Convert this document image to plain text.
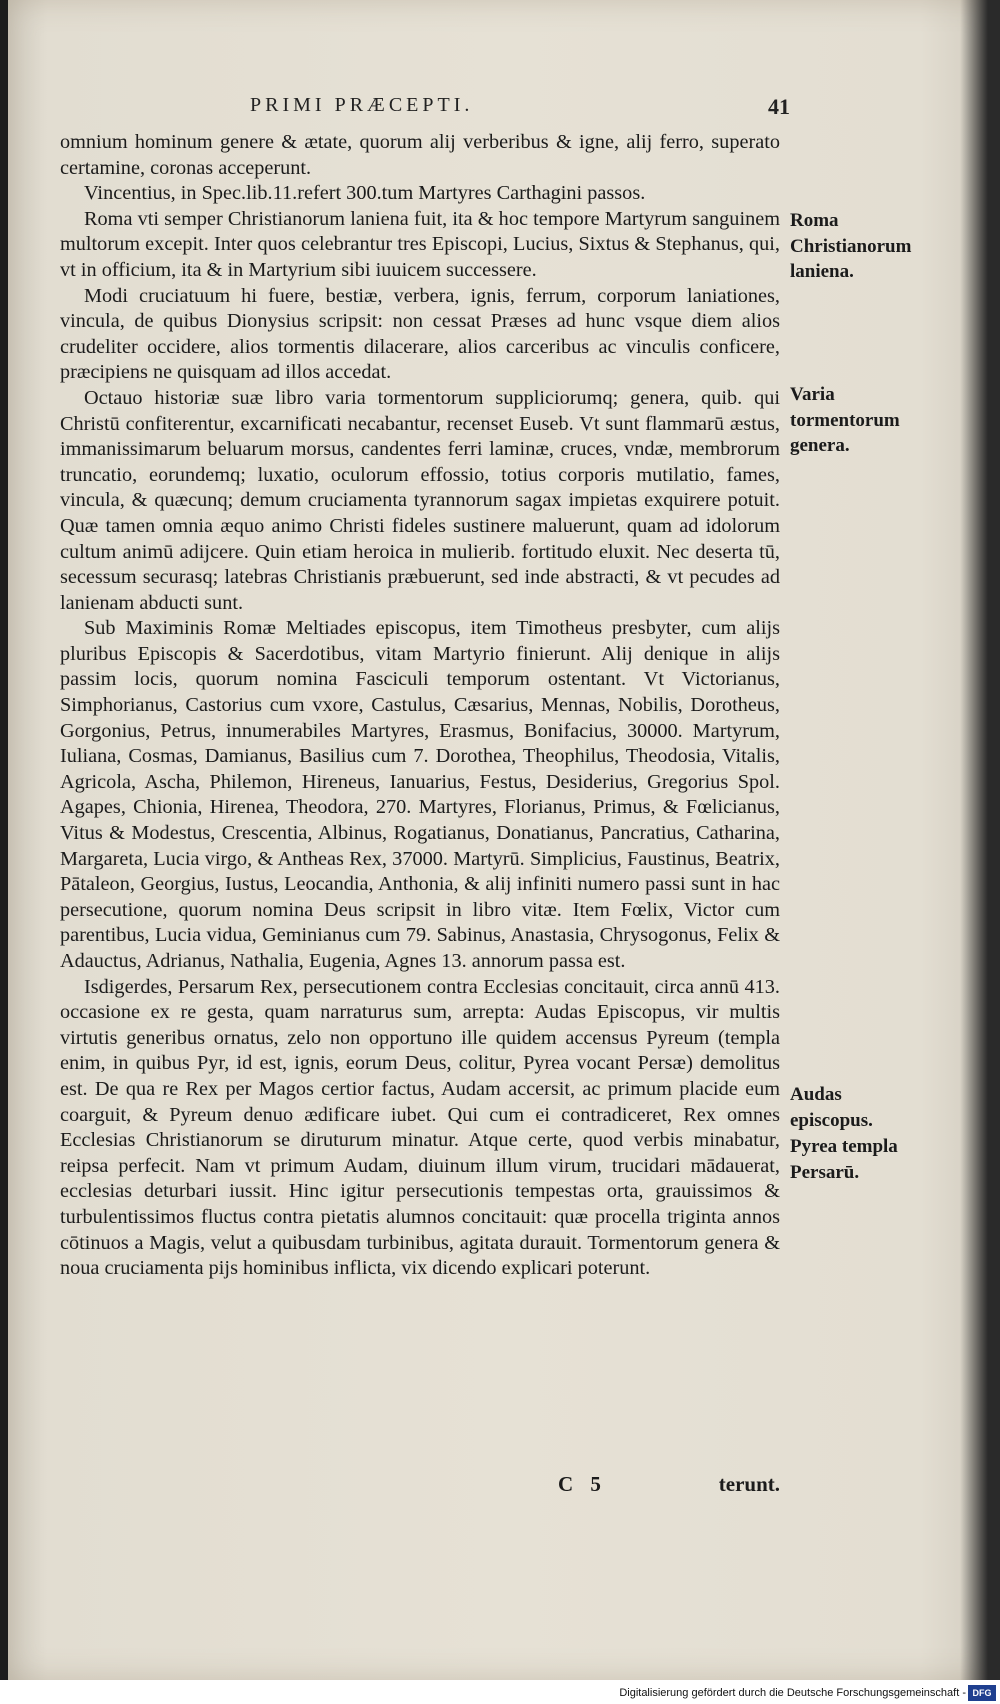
PRIMI PRÆCEPTI.	41

omnium hominum genere & ætate, quorum alij verberibus & igne, alij ferro, superato certamine, coronas acceperunt.

Vincentius, in Spec.lib.11.refert 300.tum Martyres Carthagini passos.

Roma vti semper Christianorum laniena fuit, ita & hoc tempore Martyrum sanguinem multorum excepit. Inter quos celebrantur tres Episcopi, Lucius, Sixtus & Stephanus, qui, vt in officium, ita & in Martyrium sibi iuuicem successere.

Modi cruciatuum hi fuere, bestiæ, verbera, ignis, ferrum, corporum laniationes, vincula, de quibus Dionysius scripsit: non cessat Præses ad hunc vsque diem alios crudeliter occidere, alios tormentis dilacerare, alios carceribus ac vinculis conficere, præcipiens ne quisquam ad illos accedat.

Octauo historiæ suæ libro varia tormentorum suppliciorumq; genera, quib. qui Christū confiterentur, excarnificati necabantur, recenset Euseb. Vt sunt flammarū æstus, immanissimarum beluarum morsus, candentes ferri laminæ, cruces, vndæ, membrorum truncatio, eorundemq; luxatio, oculorum effossio, totius corporis mutilatio, fames, vincula, & quæcunq; demum cruciamenta tyrannorum sagax impietas exquirere potuit. Quæ tamen omnia æquo animo Christi fideles sustinere maluerunt, quam ad idolorum cultum animū adijcere. Quin etiam heroica in mulierib. fortitudo eluxit. Nec deserta tū, secessum securasq; latebras Christianis præbuerunt, sed inde abstracti, & vt pecudes ad lanienam abducti sunt.

Sub Maximinis Romæ Meltiades episcopus, item Timotheus presbyter, cum alijs pluribus Episcopis & Sacerdotibus, vitam Martyrio finierunt. Alij denique in alijs passim locis, quorum nomina Fasciculi temporum ostentant. Vt Victorianus, Simphorianus, Castorius cum vxore, Castulus, Cæsarius, Mennas, Nobilis, Dorotheus, Gorgonius, Petrus, innumerabiles Martyres, Erasmus, Bonifacius, 30000. Martyrum, Iuliana, Cosmas, Damianus, Basilius cum 7. Dorothea, Theophilus, Theodosia, Vitalis, Agricola, Ascha, Philemon, Hireneus, Ianuarius, Festus, Desiderius, Gregorius Spol. Agapes, Chionia, Hirenea, Theodora, 270. Martyres, Florianus, Primus, & Fœlicianus, Vitus & Modestus, Crescentia, Albinus, Rogatianus, Donatianus, Pancratius, Catharina, Margareta, Lucia virgo, & Antheas Rex, 37000. Martyrū. Simplicius, Faustinus, Beatrix, Pātaleon, Georgius, Iustus, Leocandia, Anthonia, & alij infiniti numero passi sunt in hac persecutione, quorum nomina Deus scripsit in libro vitæ. Item Fœlix, Victor cum parentibus, Lucia vidua, Geminianus cum 79. Sabinus, Anastasia, Chrysogonus, Felix & Adauctus, Adrianus, Nathalia, Eugenia, Agnes 13. annorum passa est.

Isdigerdes, Persarum Rex, persecutionem contra Ecclesias concitauit, circa annū 413. occasione ex re gesta, quam narraturus sum, arrepta: Audas Episcopus, vir multis virtutis generibus ornatus, zelo non opportuno ille quidem accensus Pyreum (templa enim, in quibus Pyr, id est, ignis, eorum Deus, colitur, Pyrea vocant Persæ) demolitus est. De qua re Rex per Magos certior factus, Audam accersit, ac primum placide eum coarguit, & Pyreum denuo ædificare iubet. Qui cum ei contradiceret, Rex omnes Ecclesias Christianorum se diruturum minatur. Atque certe, quod verbis minabatur, reipsa perfecit. Nam vt primum Audam, diuinum illum virum, trucidari mādauerat, ecclesias deturbari iussit. Hinc igitur persecutionis tempestas orta, grauissimos & turbulentissimos fluctus contra pietatis alumnos concitauit: quæ procella triginta annos cōtinuos a Magis, velut a quibusdam turbinibus, agitata durauit. Tormentorum genera & noua cruciamenta pijs hominibus inflicta, vix dicendo explicari poterunt.

Roma Christianorum laniena.
Varia tormentorum genera.
Audas episcopus.
Pyrea templa Persarū.
C 5	terunt.
Digitalisierung gefördert durch die Deutsche Forschungsgemeinschaft - DFG
